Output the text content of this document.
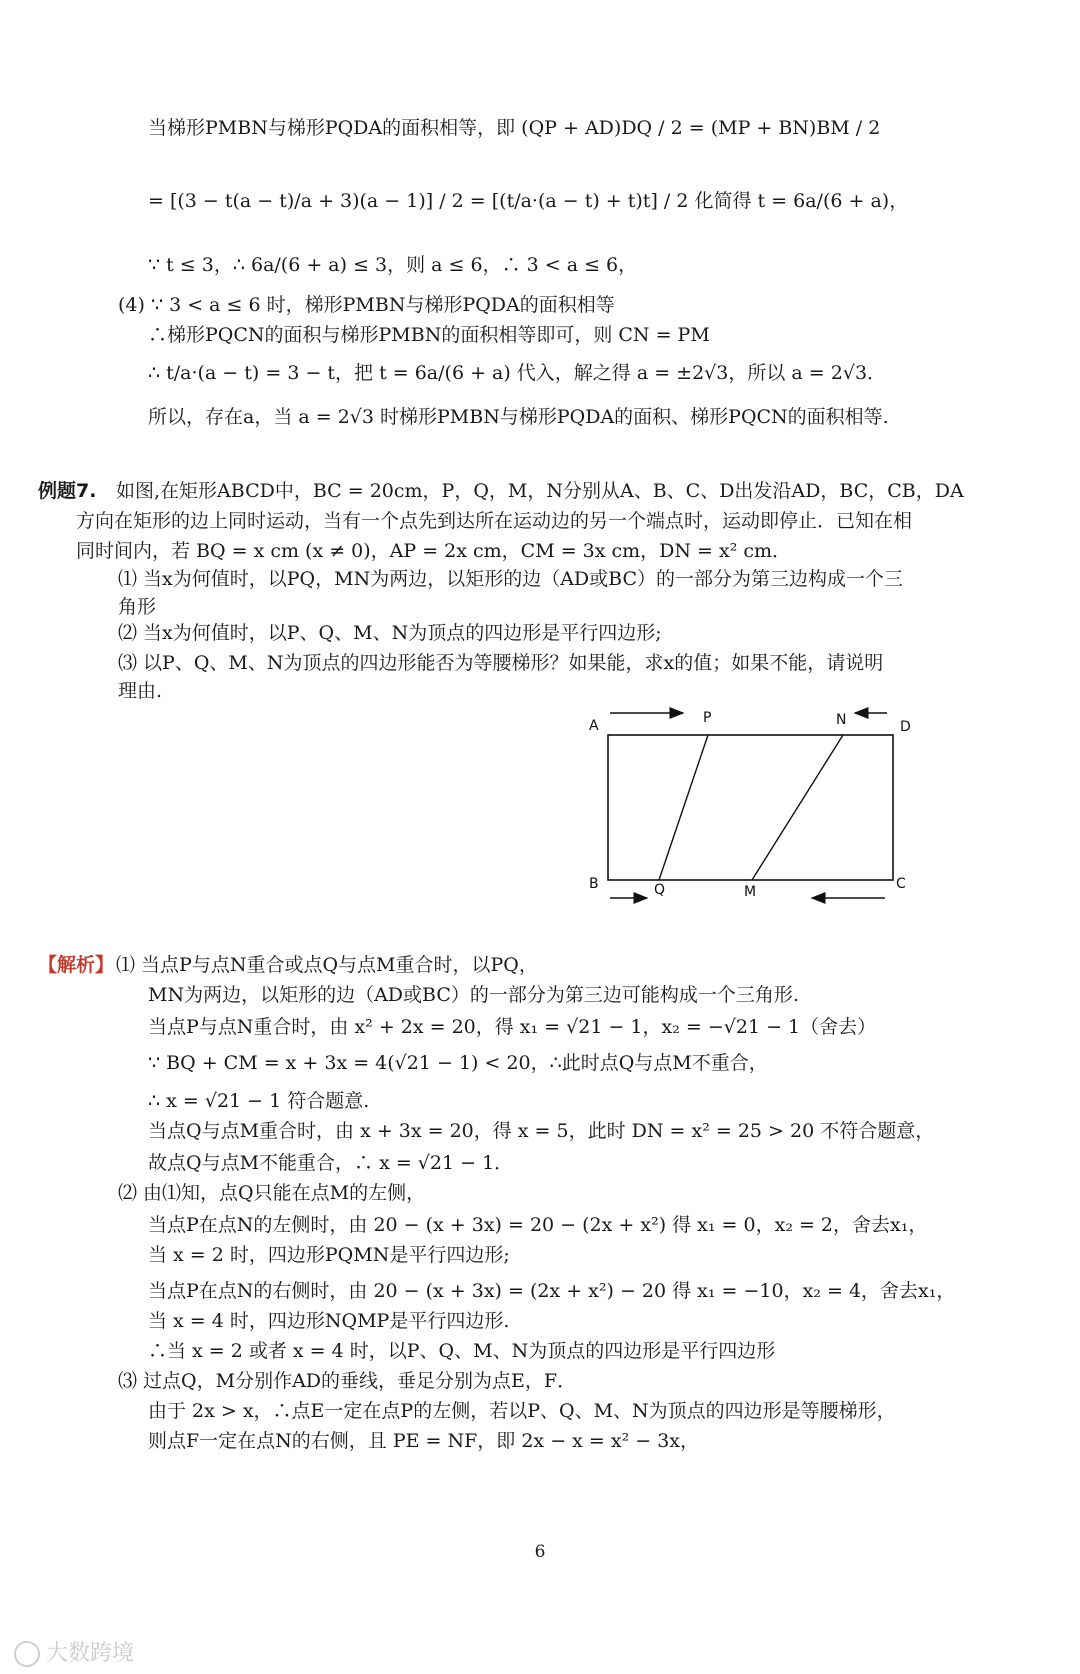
当梯形PMBN与梯形PQDA的面积相等，即 (QP + AD)DQ / 2 = (MP + BN)BM / 2
= [(3 − t(a − t)/a + 3)(a − 1)] / 2 = [(t/a·(a − t) + t)t] / 2 化简得 t = 6a/(6 + a)，
∵ t ≤ 3，∴ 6a/(6 + a) ≤ 3，则 a ≤ 6，∴ 3 < a ≤ 6，
(4) ∵ 3 < a ≤ 6 时，梯形PMBN与梯形PQDA的面积相等
∴梯形PQCN的面积与梯形PMBN的面积相等即可，则 CN = PM
∴ t/a·(a − t) = 3 − t，把 t = 6a/(6 + a) 代入，解之得 a = ±2√3，所以 a = 2√3．
所以，存在a，当 a = 2√3 时梯形PMBN与梯形PQDA的面积、梯形PQCN的面积相等.
例题7. 如图,在矩形ABCD中，BC = 20cm，P，Q，M，N分别从A、B、C、D出发沿AD，BC，CB，DA
方向在矩形的边上同时运动，当有一个点先到达所在运动边的另一个端点时，运动即停止．已知在相
同时间内，若 BQ = x cm (x ≠ 0)，AP = 2x cm，CM = 3x cm，DN = x² cm．
⑴ 当x为何值时，以PQ，MN为两边，以矩形的边（AD或BC）的一部分为第三边构成一个三
角形
⑵ 当x为何值时，以P、Q、M、N为顶点的四边形是平行四边形;
⑶ 以P、Q、M、N为顶点的四边形能否为等腰梯形？如果能，求x的值；如果不能，请说明
理由.
A	P	N	D
B	Q	M	C
【解析】 ⑴ 当点P与点N重合或点Q与点M重合时，以PQ，
MN为两边，以矩形的边（AD或BC）的一部分为第三边可能构成一个三角形.
当点P与点N重合时，由 x² + 2x = 20，得 x₁ = √21 − 1，x₂ = −√21 − 1（舍去）
∵ BQ + CM = x + 3x = 4(√21 − 1) < 20，∴此时点Q与点M不重合，
∴ x = √21 − 1 符合题意.
当点Q与点M重合时，由 x + 3x = 20，得 x = 5，此时 DN = x² = 25 > 20 不符合题意，
故点Q与点M不能重合，∴ x = √21 − 1．
⑵ 由⑴知，点Q只能在点M的左侧，
当点P在点N的左侧时，由 20 − (x + 3x) = 20 − (2x + x²) 得 x₁ = 0，x₂ = 2，舍去x₁，
当 x = 2 时，四边形PQMN是平行四边形;
当点P在点N的右侧时，由 20 − (x + 3x) = (2x + x²) − 20 得 x₁ = −10，x₂ = 4，舍去x₁，
当 x = 4 时，四边形NQMP是平行四边形.
∴当 x = 2 或者 x = 4 时，以P、Q、M、N为顶点的四边形是平行四边形
⑶ 过点Q，M分别作AD的垂线，垂足分别为点E，F．
由于 2x > x，∴点E一定在点P的左侧，若以P、Q、M、N为顶点的四边形是等腰梯形，
则点F一定在点N的右侧，且 PE = NF，即 2x − x = x² − 3x，
6
大数跨境
